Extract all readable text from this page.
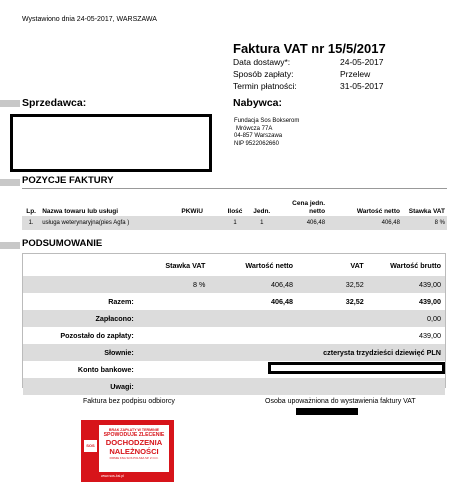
Wystawiono dnia 24-05-2017, WARSZAWA
Faktura VAT nr 15/5/2017
Data dostawy*:	24-05-2017
Sposób zapłaty:	Przelew
Termin płatności:	31-05-2017
Sprzedawca:	Nabywca:
Fundacja Sos Bokserom
Mrówcza 77A
04-857 Warszawa
NIP 9522062660
POZYCJE FAKTURY
Lp.	Nazwa towaru lub usługi	PKWiU	Ilość	Jedn.	Cena jedn. netto	Wartość netto	Stawka VAT
1.	usługa weterynaryjna(pies Agfa )		1	1	406,48	406,48	8 %
PODSUMOWANIE
	Stawka VAT	Wartość netto	VAT	Wartość brutto
	8 %	406,48	32,52	439,00
Razem:		406,48	32,52	439,00
Zapłacono:	0,00			
Pozostało do zapłaty:	439,00			
Słownie:	czterysta trzydzieści dziewięć PLN			
Konto bankowe:				
Uwagi:				
Faktura bez podpisu odbiorcy	Osoba upoważniona do wystawienia faktury VAT
BRAK ZAPŁATY W TERMINIE
SPOWODUJE ZLECENIE
DOCHODZENIA
NALEŻNOŚCI
FIRMIE KSG SOS POLSKA SP. Z O.O.
SOS
www.sos-ksi.pl
